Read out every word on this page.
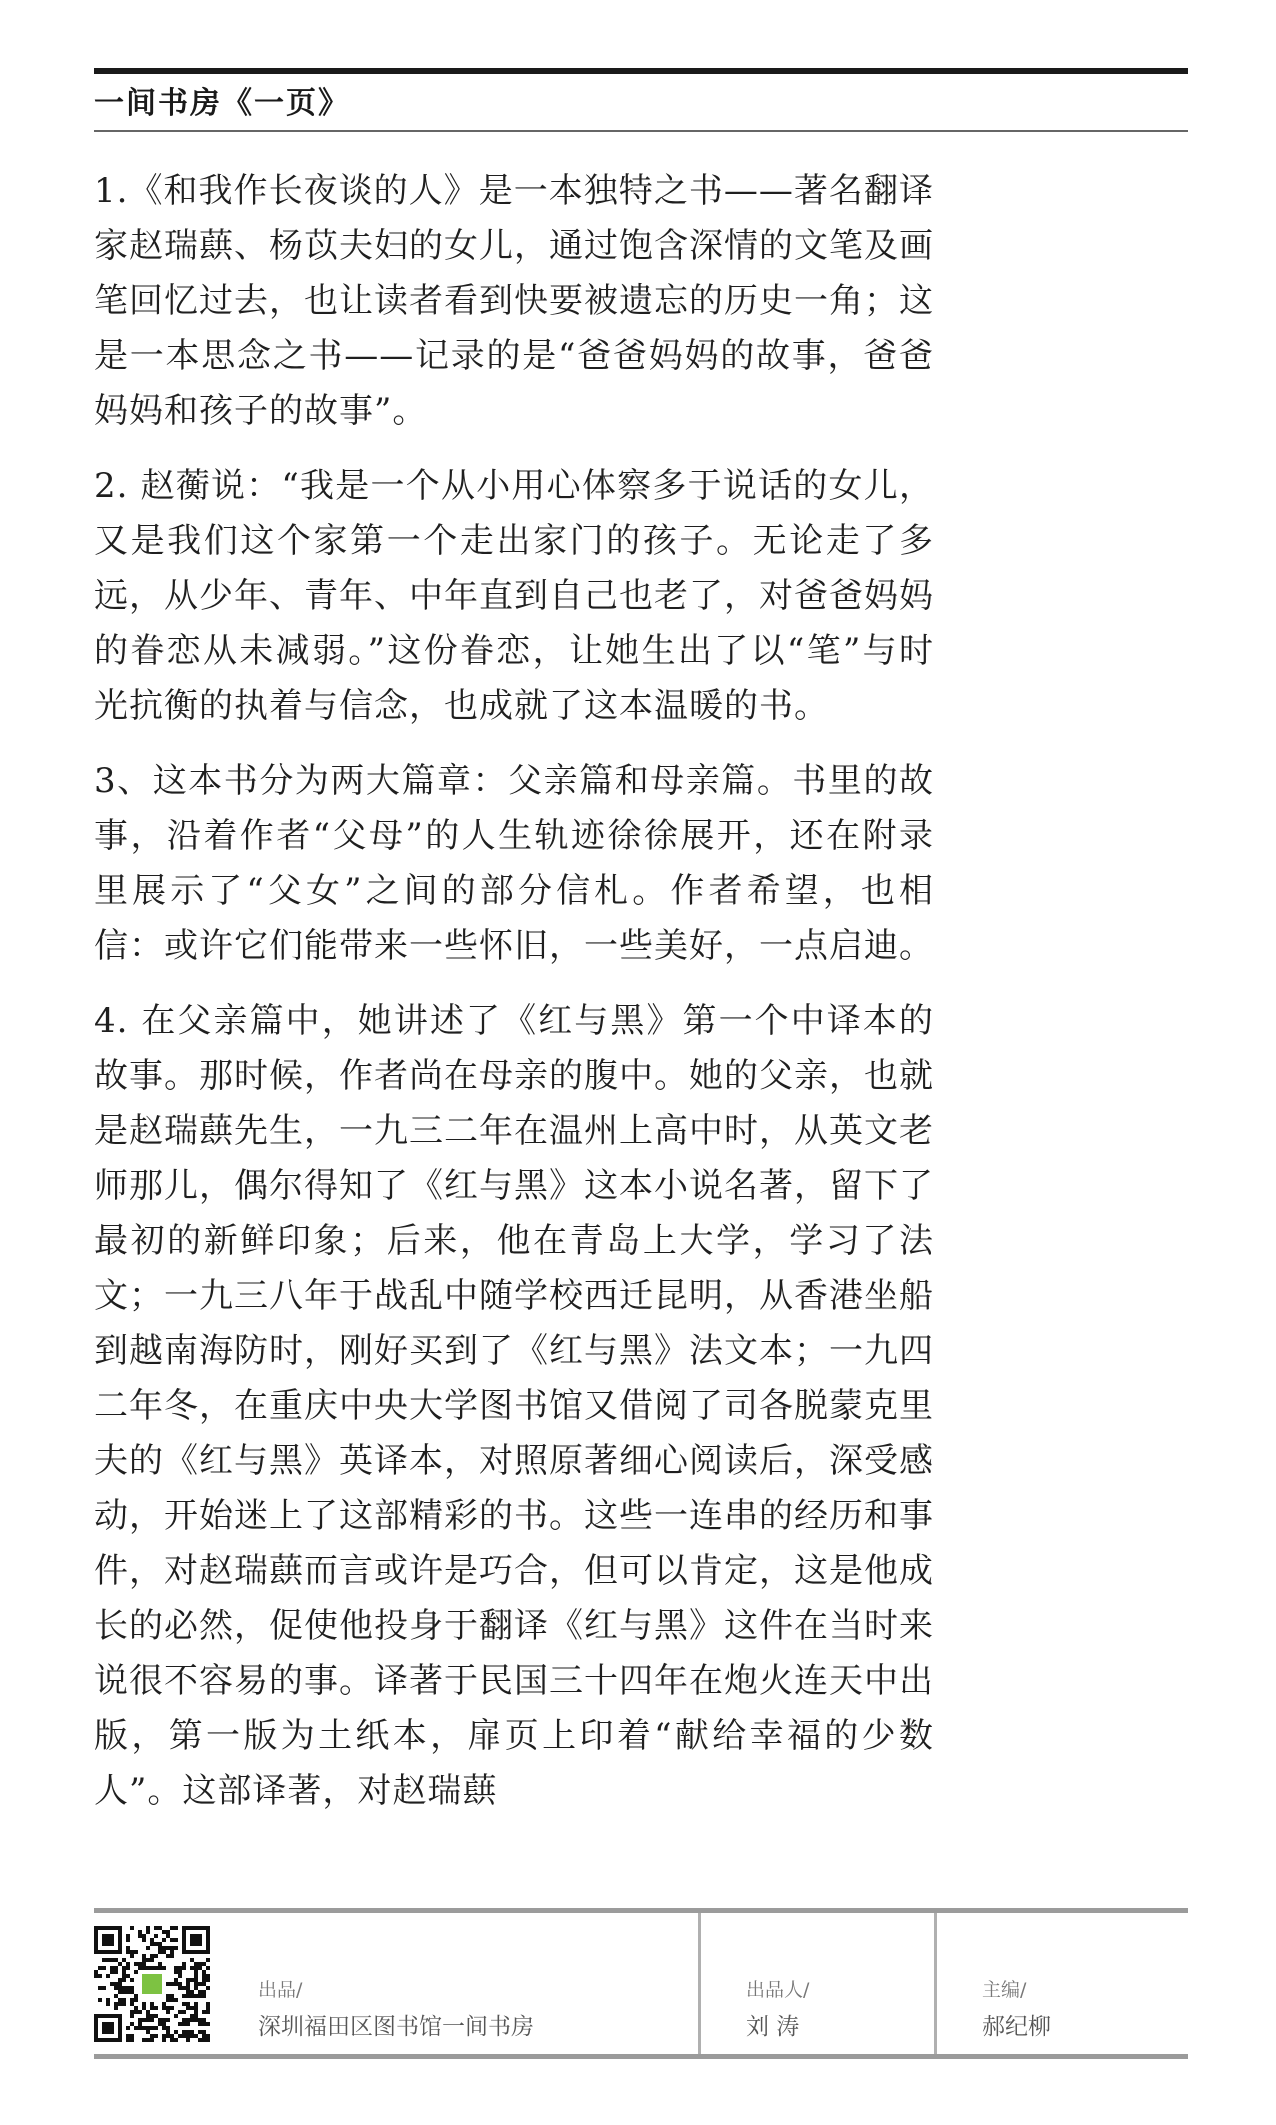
一间书房《一页》

1.《和我作长夜谈的人》是一本独特之书——著名翻译家赵瑞蕻、杨苡夫妇的女儿，通过饱含深情的文笔及画笔回忆过去，也让读者看到快要被遗忘的历史一角；这是一本思念之书——记录的是“爸爸妈妈的故事，爸爸妈妈和孩子的故事”。

2. 赵蘅说：“我是一个从小用心体察多于说话的女儿，又是我们这个家第一个走出家门的孩子。无论走了多远，从少年、青年、中年直到自己也老了，对爸爸妈妈的眷恋从未减弱。”这份眷恋，让她生出了以“笔”与时光抗衡的执着与信念，也成就了这本温暖的书。

3、这本书分为两大篇章：父亲篇和母亲篇。书里的故事，沿着作者“父母”的人生轨迹徐徐展开，还在附录里展示了“父女”之间的部分信札。作者希望，也相信：或许它们能带来一些怀旧，一些美好，一点启迪。

4. 在父亲篇中，她讲述了《红与黑》第一个中译本的故事。那时候，作者尚在母亲的腹中。她的父亲，也就是赵瑞蕻先生，一九三二年在温州上高中时，从英文老师那儿，偶尔得知了《红与黑》这本小说名著，留下了最初的新鲜印象；后来，他在青岛上大学，学习了法文；一九三八年于战乱中随学校西迁昆明，从香港坐船到越南海防时，刚好买到了《红与黑》法文本；一九四二年冬，在重庆中央大学图书馆又借阅了司各脱蒙克里夫的《红与黑》英译本，对照原著细心阅读后，深受感动，开始迷上了这部精彩的书。这些一连串的经历和事件，对赵瑞蕻而言或许是巧合，但可以肯定，这是他成长的必然，促使他投身于翻译《红与黑》这件在当时来说很不容易的事。译著于民国三十四年在炮火连天中出版，第一版为土纸本，扉页上印着“献给幸福的少数人”。这部译著，对赵瑞蕻

出品/
深圳福田区图书馆一间书房
出品人/
刘 涛
主编/
郝纪柳
